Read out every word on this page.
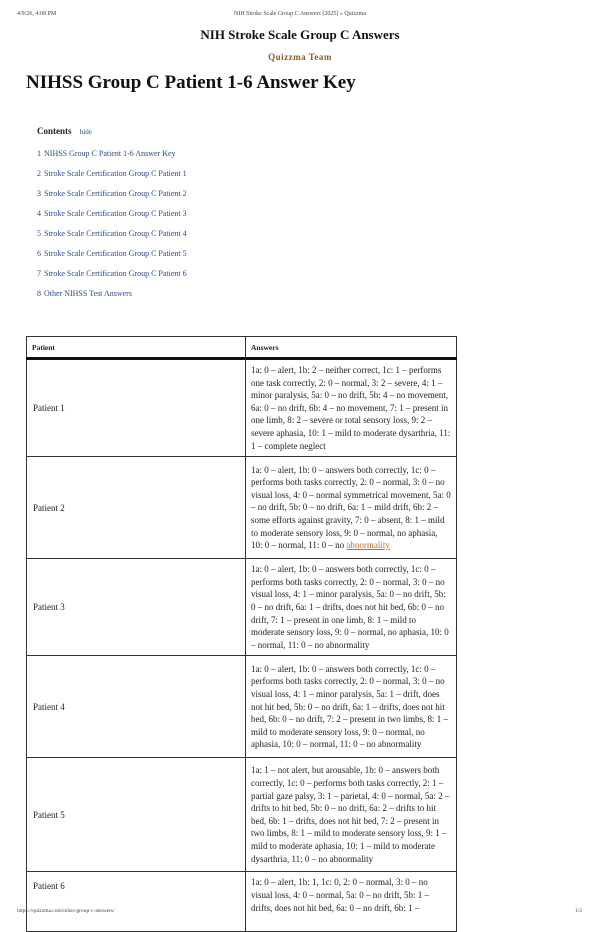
4/9/26, 4:08 PM	NIH Stroke Scale Group C Answers [2025] » Quizzma
NIH Stroke Scale Group C Answers
Quizzma Team
NIHSS Group C Patient 1-6 Answer Key
Contents hide
1 NIHSS Group C Patient 1-6 Answer Key
2 Stroke Scale Certification Group C Patient 1
3 Stroke Scale Certification Group C Patient 2
4 Stroke Scale Certification Group C Patient 3
5 Stroke Scale Certification Group C Patient 4
6 Stroke Scale Certification Group C Patient 5
7 Stroke Scale Certification Group C Patient 6
8 Other NIHSS Test Answers
Patient	Answers
Patient 1	1a: 0 – alert, 1b: 2 – neither correct, 1c: 1 – performs one task correctly, 2: 0 – normal, 3: 2 – severe, 4: 1 – minor paralysis, 5a: 0 – no drift, 5b: 4 – no movement, 6a: 0 – no drift, 6b: 4 – no movement, 7: 1 – present in one limb, 8: 2 – severe or total sensory loss, 9: 2 – severe aphasia, 10: 1 – mild to moderate dysarthria, 11: 1 – complete neglect
Patient 2	1a: 0 – alert, 1b: 0 – answers both correctly, 1c: 0 – performs both tasks correctly, 2: 0 – normal, 3: 0 – no visual loss, 4: 0 – normal symmetrical movement, 5a: 0 – no drift, 5b: 0 – no drift, 6a: 1 – mild drift, 6b: 2 – some efforts against gravity, 7: 0 – absent, 8: 1 – mild to moderate sensory loss, 9: 0 – normal, no aphasia, 10: 0 – normal, 11: 0 – no abnormality
Patient 3	1a: 0 – alert, 1b: 0 – answers both correctly, 1c: 0 – performs both tasks correctly, 2: 0 – normal, 3: 0 – no visual loss, 4: 1 – minor paralysis, 5a: 0 – no drift, 5b: 0 – no drift, 6a: 1 – drifts, does not hit bed, 6b: 0 – no drift, 7: 1 – present in one limb, 8: 1 – mild to moderate sensory loss, 9: 0 – normal, no aphasia, 10: 0 – normal, 11: 0 – no abnormality
Patient 4	1a: 0 – alert, 1b: 0 – answers both correctly, 1c: 0 – performs both tasks correctly, 2: 0 – normal, 3: 0 – no visual loss, 4: 1 – minor paralysis, 5a: 1 – drift, does not hit bed, 5b: 0 – no drift, 6a: 1 – drifts, does not hit bed, 6b: 0 – no drift, 7: 2 – present in two limbs, 8: 1 – mild to moderate sensory loss, 9: 0 – normal, no aphasia, 10: 0 – normal, 11: 0 – no abnormality
Patient 5	1a: 1 – not alert, but arousable, 1b: 0 – answers both correctly, 1c: 0 – performs both tasks correctly, 2: 1 – partial gaze palsy, 3: 1 – parietal, 4: 0 – normal, 5a: 2 – drifts to hit bed, 5b: 0 – no drift, 6a: 2 – drifts to hit bed, 6b: 1 – drifts, does not hit bed, 7: 2 – present in two limbs, 8: 1 – mild to moderate sensory loss, 9: 1 – mild to moderate aphasia, 10: 1 – mild to moderate dysarthria, 11: 0 – no abnormality
Patient 6	1a: 0 – alert, 1b: 1, 1c: 0, 2: 0 – normal, 3: 0 – no visual loss, 4: 0 – normal, 5a: 0 – no drift, 5b: 1 – drifts, does not hit bed, 6a: 0 – no drift, 6b: 1 –
https://quizzma.com/nihss-group-c-answers/	1/2
